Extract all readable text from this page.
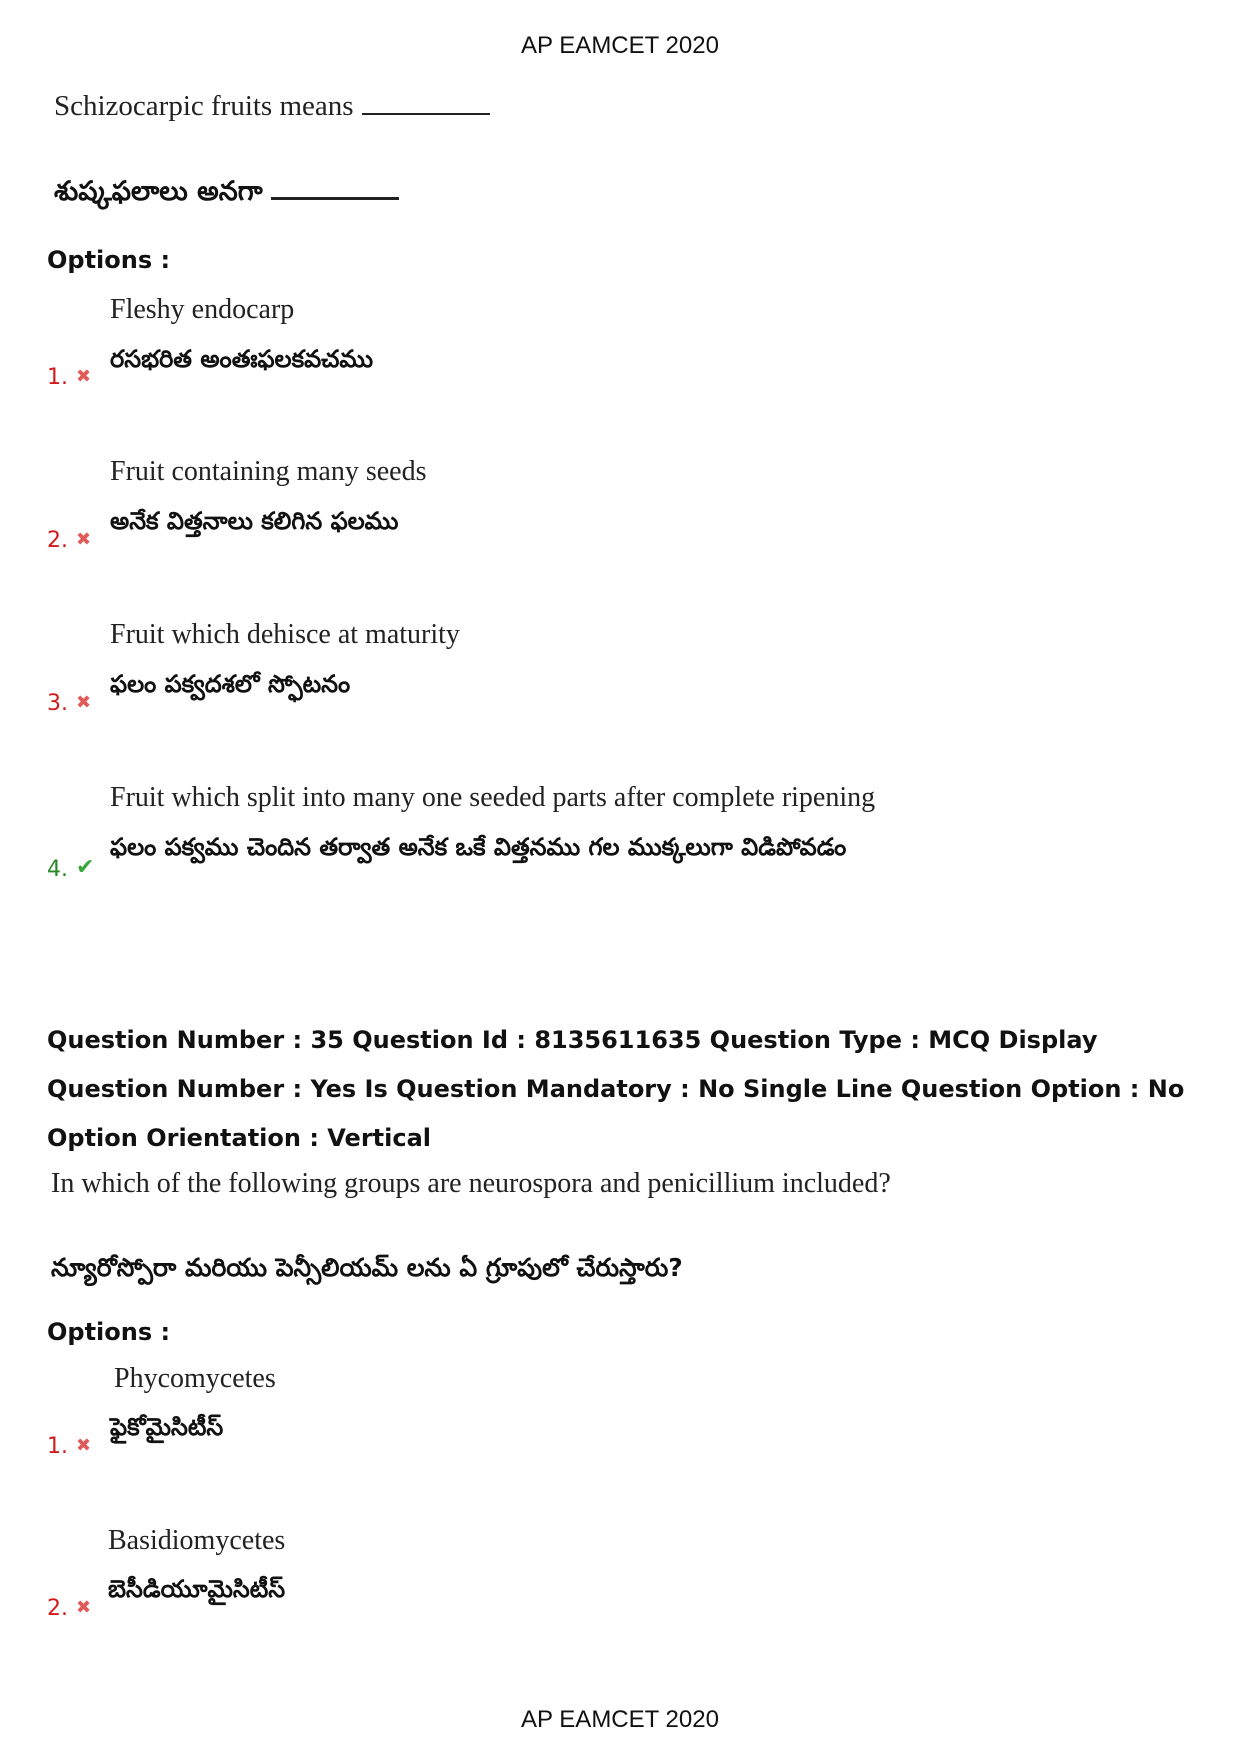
AP EAMCET 2020
Schizocarpic fruits means
శుష్కఫలాలు అనగా
Options :
Fleshy endocarp
రసభరిత అంతఃఫలకవచము
1. ✖
Fruit containing many seeds
అనేక విత్తనాలు కలిగిన ఫలము
2. ✖
Fruit which dehisce at maturity
ఫలం పక్వదశలో స్ఫోటనం
3. ✖
Fruit which split into many one seeded parts after complete ripening
ఫలం పక్వము చెందిన తర్వాత అనేక ఒకే విత్తనము గల ముక్కలుగా విడిపోవడం
4. ✔
Question Number : 35 Question Id : 8135611635 Question Type : MCQ Display Question Number : Yes Is Question Mandatory : No Single Line Question Option : No Option Orientation : Vertical
In which of the following groups are neurospora and penicillium included?
న్యూరోస్పోరా మరియు పెన్సీలియమ్ లను ఏ గ్రూపులో చేరుస్తారు?
Options :
Phycomycetes
ఫైకోమైసిటీస్
1. ✖
Basidiomycetes
బెసీడియూమైసిటీస్
2. ✖
AP EAMCET 2020
